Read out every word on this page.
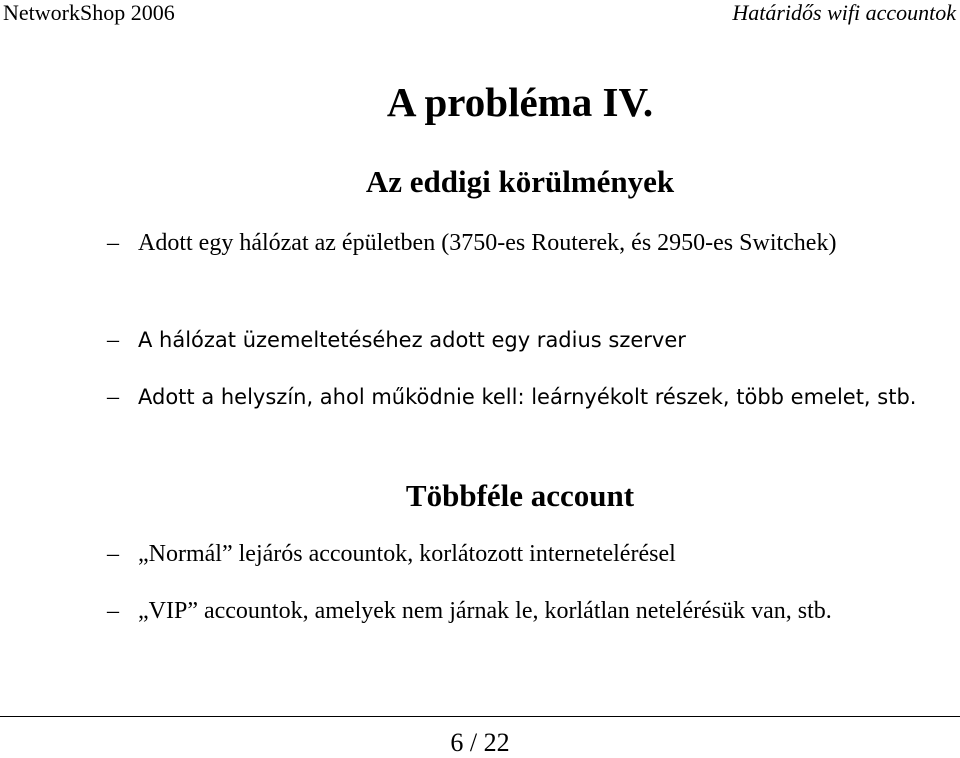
NetworkShop 2006	Határidős wifi accountok
A probléma IV.
Az eddigi körülmények
– Adott egy hálózat az épületben (3750-es Routerek, és 2950-es Switchek)
– A hálózat üzemeltetéséhez adott egy radius szerver
– Adott a helyszín, ahol működnie kell: leárnyékolt részek, több emelet, stb.
Többféle account
– „Normál” lejárós accountok, korlátozott internetelérésel
– „VIP” accountok, amelyek nem járnak le, korlátlan netelérésük van, stb.
6 / 22
